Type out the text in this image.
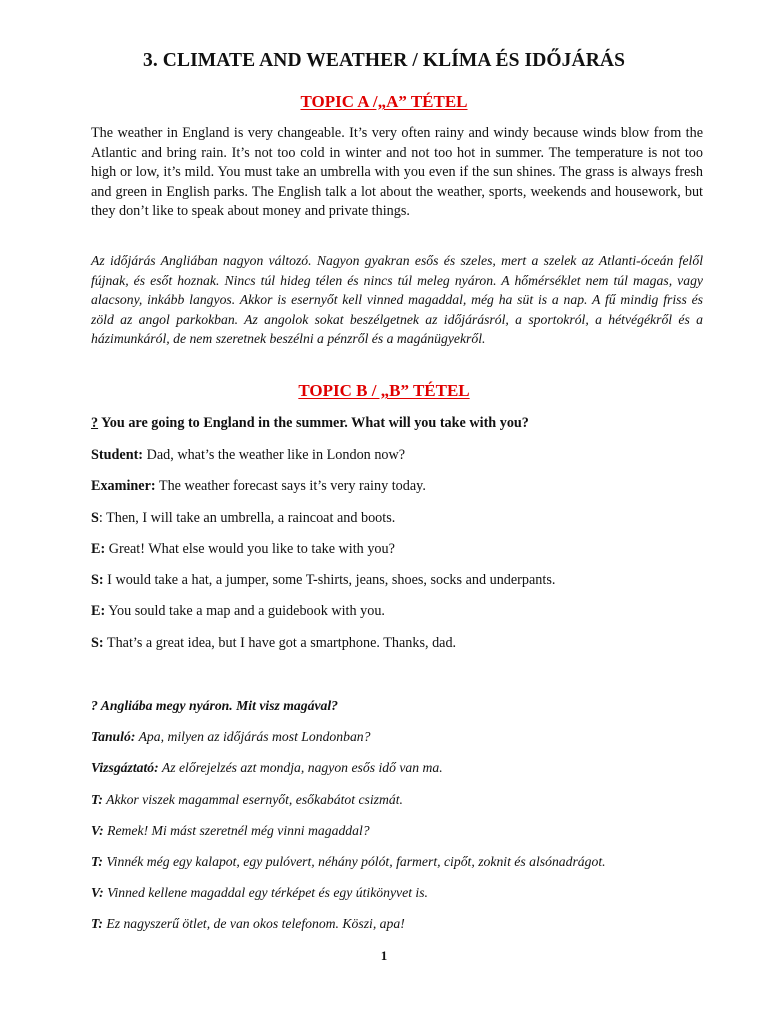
3. CLIMATE AND WEATHER / KLÍMA ÉS IDŐJÁRÁS
TOPIC A /„A” TÉTEL

The weather in England is very changeable. It’s very often rainy and windy because winds blow from the Atlantic and bring rain. It’s not too cold in winter and not too hot in summer. The temperature is not too high or low, it’s mild. You must take an umbrella with you even if the sun shines. The grass is always fresh and green in English parks. The English talk a lot about the weather, sports, weekends and housework, but they don’t like to speak about money and private things.

Az időjárás Angliában nagyon változó. Nagyon gyakran esős és szeles, mert a szelek az Atlanti-óceán felől fújnak, és esőt hoznak. Nincs túl hideg télen és nincs túl meleg nyáron. A hőmérséklet nem túl magas, vagy alacsony, inkább langyos. Akkor is esernyőt kell vinned magaddal, még ha süt is a nap. A fű mindig friss és zöld az angol parkokban. Az angolok sokat beszélgetnek az időjárásról, a sportokról, a hétvégékről és a házimunkáról, de nem szeretnek beszélni a pénzről és a magánügyekről.

TOPIC B / „B” TÉTEL

? You are going to England in the summer. What will you take with you?

Student: Dad, what’s the weather like in London now?

Examiner: The weather forecast says it’s very rainy today.

S: Then, I will take an umbrella, a raincoat and boots.

E: Great! What else would you like to take with you?

S: I would take a hat, a jumper, some T-shirts, jeans, shoes, socks and underpants.

E: You sould take a map and a guidebook with you.

S: That’s a great idea, but I have got a smartphone. Thanks, dad.

? Angliába megy nyáron. Mit visz magával?

Tanuló: Apa, milyen az időjárás most Londonban?

Vizsgáztató: Az előrejelzés azt mondja, nagyon esős idő van ma.

T: Akkor viszek magammal esernyőt, esőkabátot csizmát.

V: Remek! Mi mást szeretnél még vinni magaddal?

T: Vinnék még egy kalapot, egy pulóvert, néhány pólót, farmert, cipőt, zoknit és alsónadrágot.

V: Vinned kellene magaddal egy térképet és egy útikönyvet is.

T: Ez nagyszerű ötlet, de van okos telefonom. Köszi, apa!

1
